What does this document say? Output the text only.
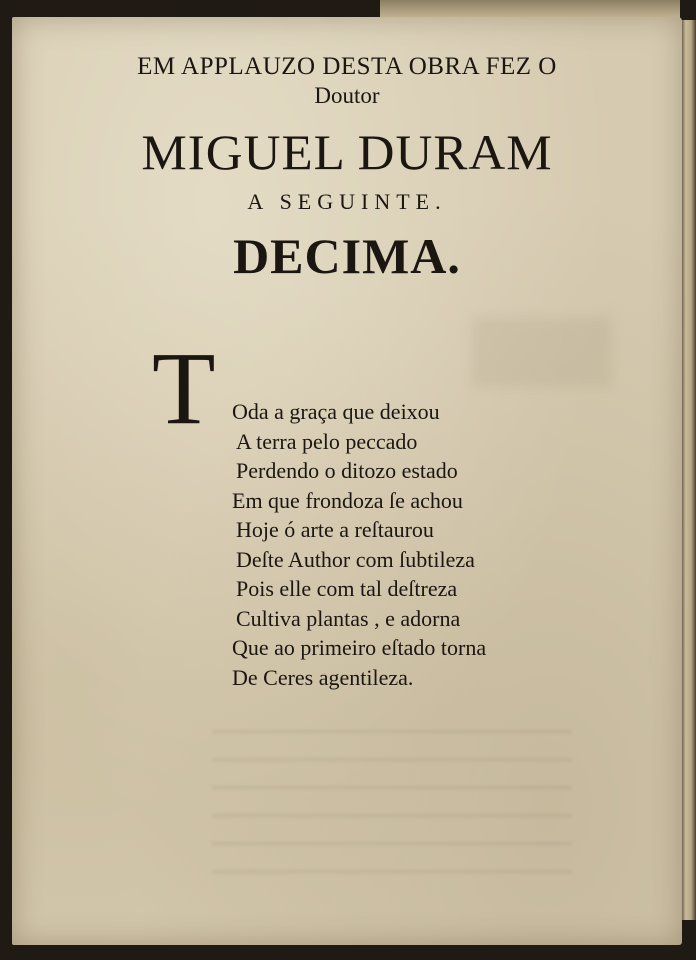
EM APPLAUZO DESTA OBRA FEZ O
Doutor
MIGUEL DURAM
A SEGUINTE.
DECIMA.
T Oda a graça que deixou
A terra pelo peccado
Perdendo o ditozo estado
Em que frondoza ſe achou
Hoje ó arte a reſtaurou
Deſte Author com ſubtileza
Pois elle com tal deſtreza
Cultiva plantas , e adorna
Que ao primeiro eſtado torna
De Ceres agentileza.
